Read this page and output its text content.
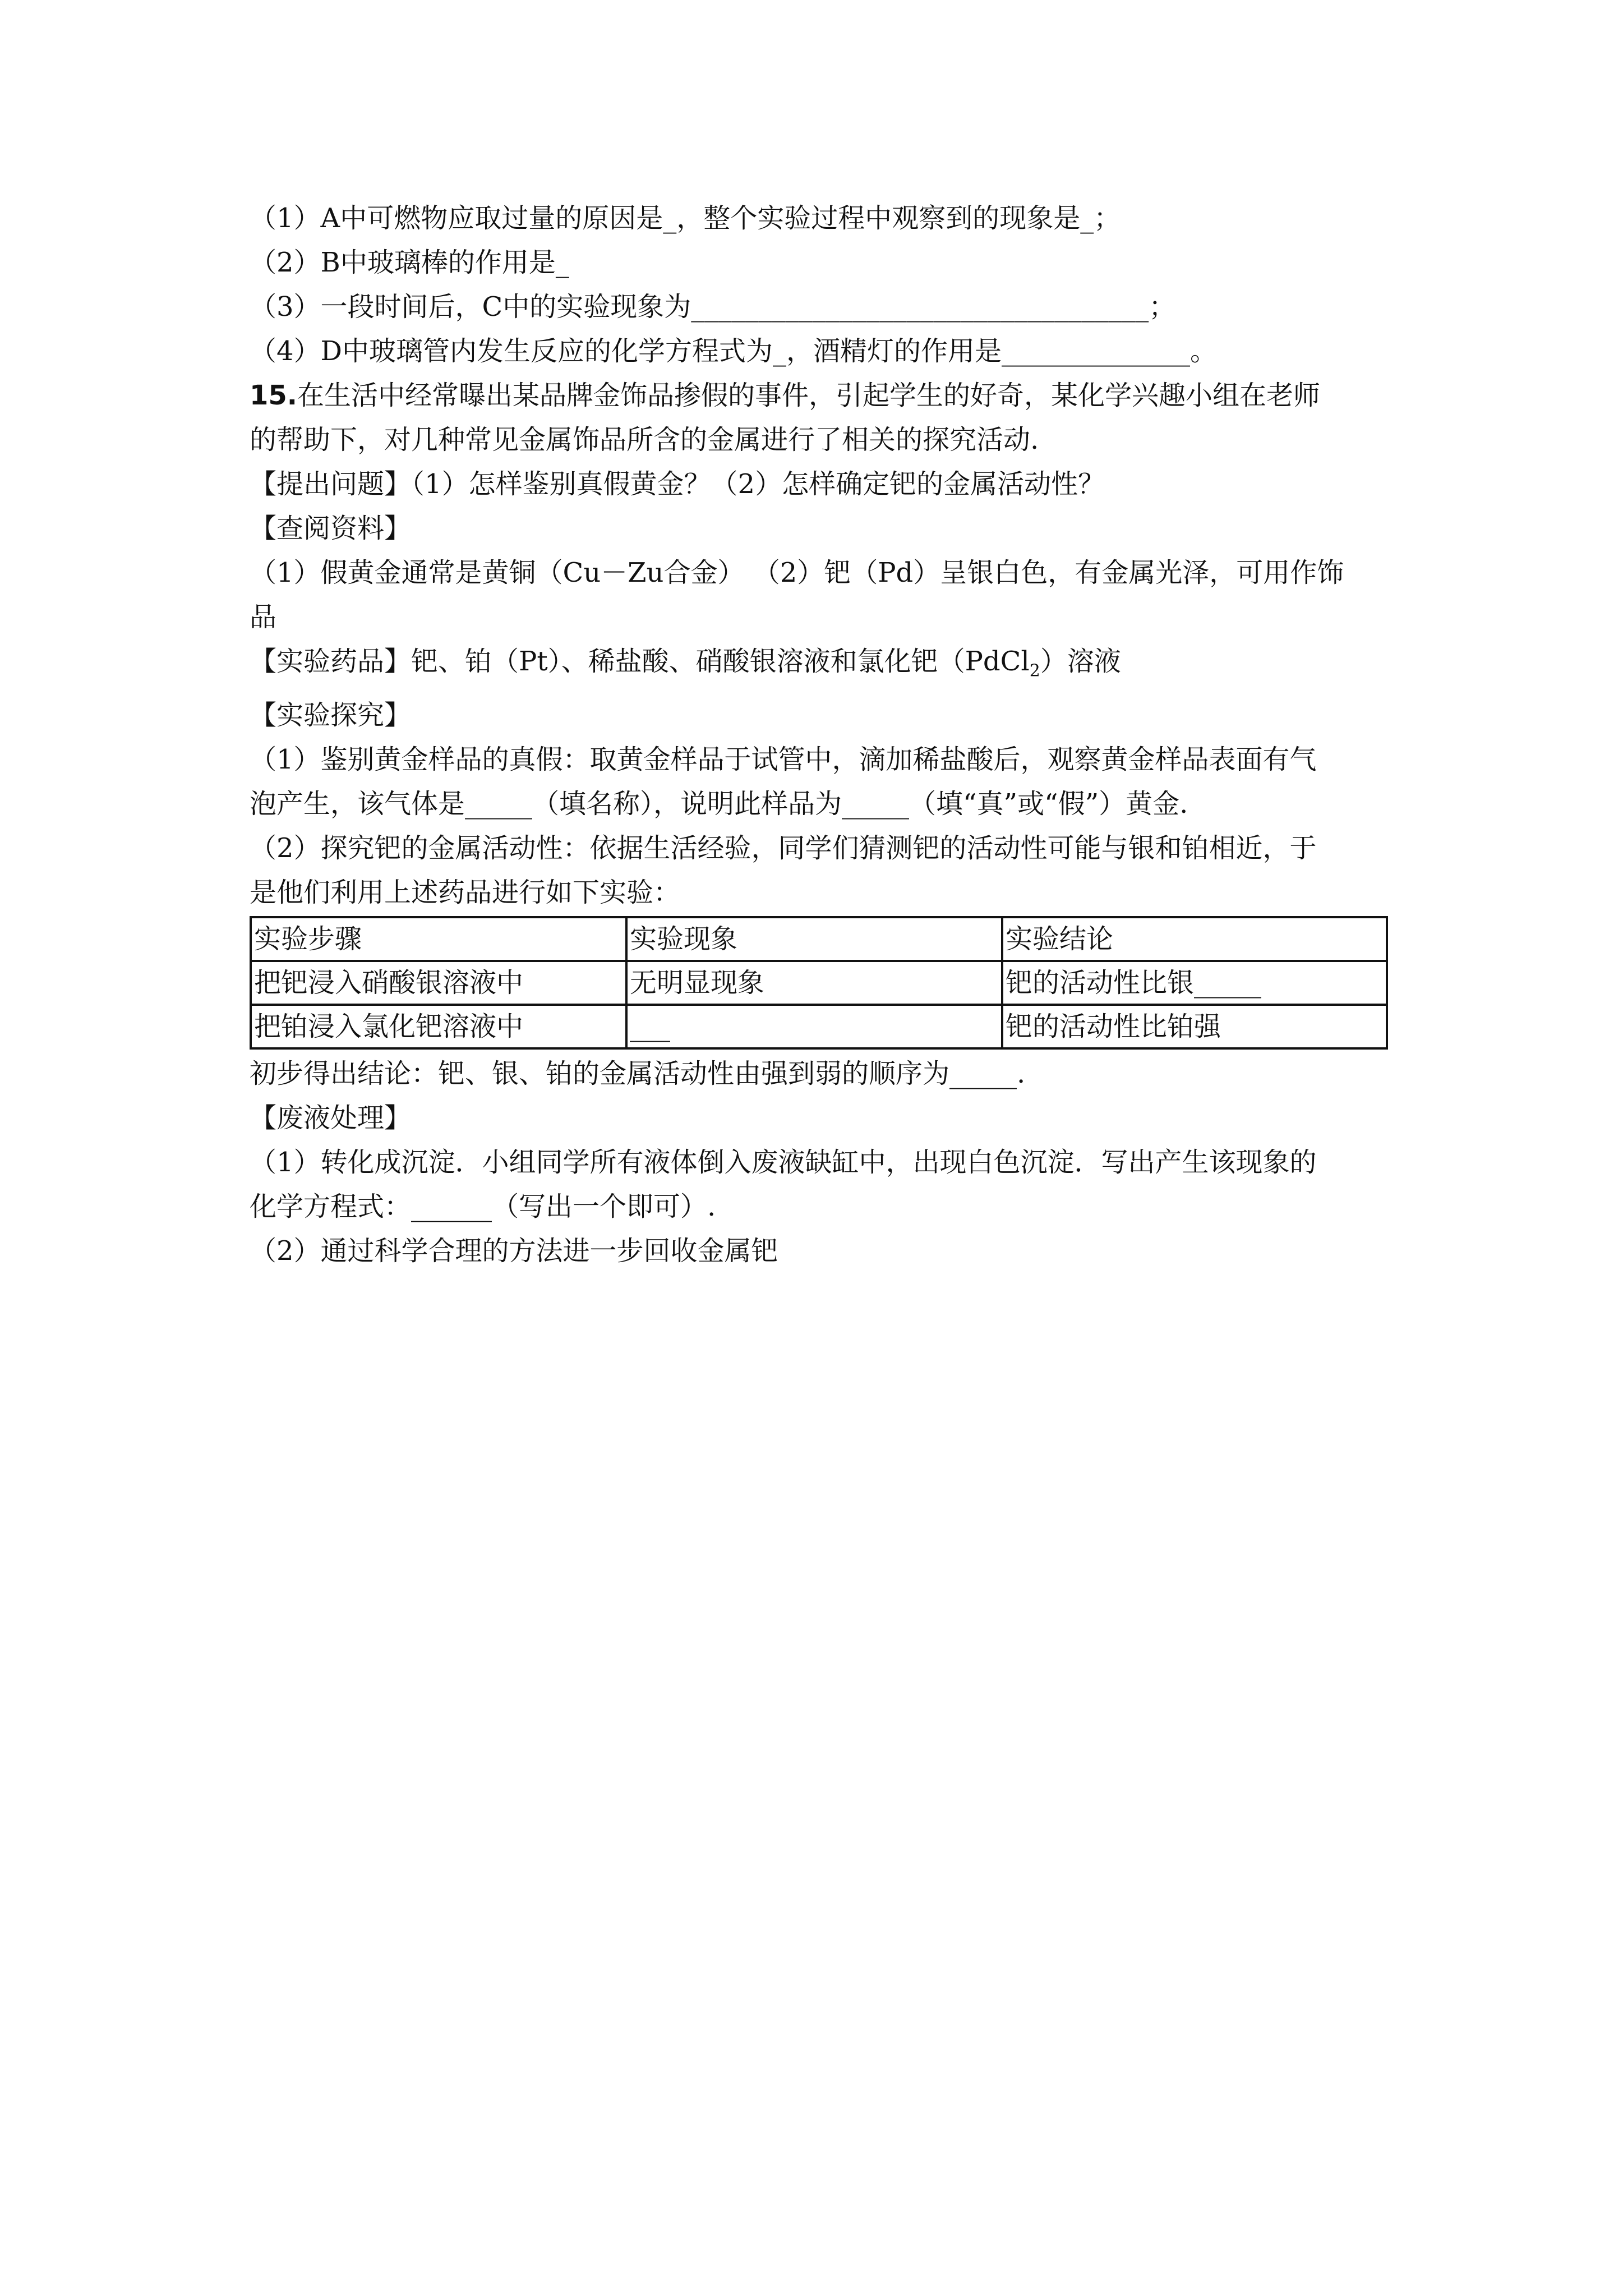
（1）A中可燃物应取过量的原因是_，整个实验过程中观察到的现象是_；

（2）B中玻璃棒的作用是_

（3）一段时间后，C中的实验现象为__________________________________；

（4）D中玻璃管内发生反应的化学方程式为_，酒精灯的作用是______________。

15.在生活中经常曝出某品牌金饰品掺假的事件，引起学生的好奇，某化学兴趣小组在老师

的帮助下，对几种常见金属饰品所含的金属进行了相关的探究活动.

【提出问题】（1）怎样鉴别真假黄金？（2）怎样确定钯的金属活动性？

【查阅资料】

（1）假黄金通常是黄铜（Cu－Zu合金） （2）钯（Pd）呈银白色，有金属光泽，可用作饰

品

【实验药品】钯、铂（Pt）、稀盐酸、硝酸银溶液和氯化钯（PdCl$_2$）溶液

【实验探究】

（1）鉴别黄金样品的真假：取黄金样品于试管中，滴加稀盐酸后，观察黄金样品表面有气

泡产生，该气体是_____（填名称），说明此样品为_____（填“真”或“假”）黄金.

（2）探究钯的金属活动性：依据生活经验，同学们猜测钯的活动性可能与银和铂相近，于

是他们利用上述药品进行如下实验：

实验步骤	实验现象	实验结论
把钯浸入硝酸银溶液中	无明显现象	钯的活动性比银_____
把铂浸入氯化钯溶液中	___	钯的活动性比铂强

初步得出结论：钯、银、铂的金属活动性由强到弱的顺序为_____.

【废液处理】

（1）转化成沉淀．小组同学所有液体倒入废液缺缸中，出现白色沉淀．写出产生该现象的

化学方程式：______（写出一个即可）.

（2）通过科学合理的方法进一步回收金属钯
